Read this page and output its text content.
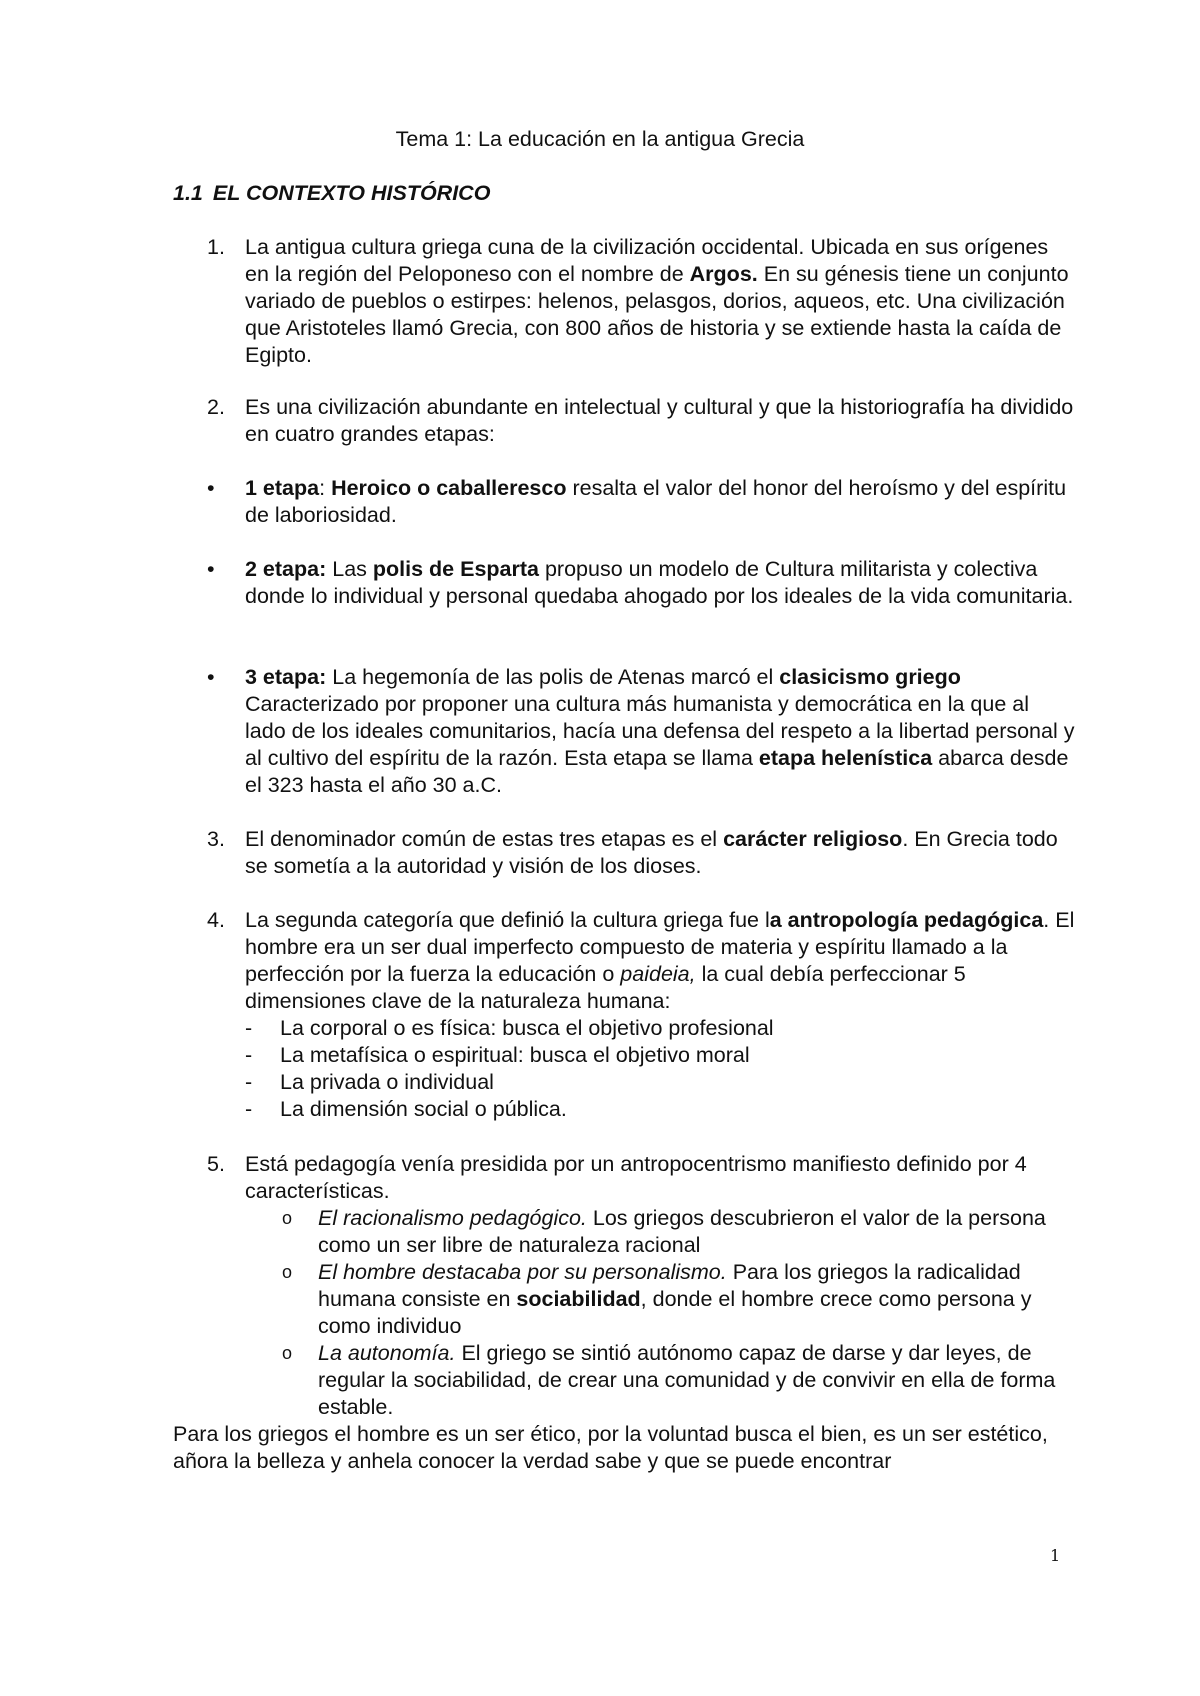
Tema 1: La educación en la antigua Grecia
1.1 EL CONTEXTO HISTÓRICO
1. La antigua cultura griega cuna de la civilización occidental. Ubicada en sus orígenes en la región del Peloponeso con el nombre de Argos. En su génesis tiene un conjunto variado de pueblos o estirpes: helenos, pelasgos, dorios, aqueos, etc. Una civilización que Aristoteles llamó Grecia, con 800 años de historia y se extiende hasta la caída de Egipto.
2. Es una civilización abundante en intelectual y cultural y que la historiografía ha dividido en cuatro grandes etapas:
•	1 etapa: Heroico o caballeresco resalta el valor del honor del heroísmo y del espíritu de laboriosidad.
•	2 etapa: Las polis de Esparta propuso un modelo de Cultura militarista y colectiva donde lo individual y personal quedaba ahogado por los ideales de la vida comunitaria.
•	3 etapa: La hegemonía de las polis de Atenas marcó el clasicismo griego Caracterizado por proponer una cultura más humanista y democrática en la que al lado de los ideales comunitarios, hacía una defensa del respeto a la libertad personal y al cultivo del espíritu de la razón. Esta etapa se llama etapa helenística abarca desde el 323 hasta el año 30 a.C.
3. El denominador común de estas tres etapas es el carácter religioso. En Grecia todo se sometía a la autoridad y visión de los dioses.
4. La segunda categoría que definió la cultura griega fue la antropología pedagógica. El hombre era un ser dual imperfecto compuesto de materia y espíritu llamado a la perfección por la fuerza la educación o paideia, la cual debía perfeccionar 5 dimensiones clave de la naturaleza humana:
- La corporal o es física: busca el objetivo profesional
- La metafísica o espiritual: busca el objetivo moral
- La privada o individual
- La dimensión social o pública.
5. Está pedagogía venía presidida por un antropocentrismo manifiesto definido por 4 características.
o El racionalismo pedagógico. Los griegos descubrieron el valor de la persona como un ser libre de naturaleza racional
o El hombre destacaba por su personalismo. Para los griegos la radicalidad humana consiste en sociabilidad, donde el hombre crece como persona y como individuo
o La autonomía. El griego se sintió autónomo capaz de darse y dar leyes, de regular la sociabilidad, de crear una comunidad y de convivir en ella de forma estable.
Para los griegos el hombre es un ser ético, por la voluntad busca el bien, es un ser estético, añora la belleza y anhela conocer la verdad sabe y que se puede encontrar
1
